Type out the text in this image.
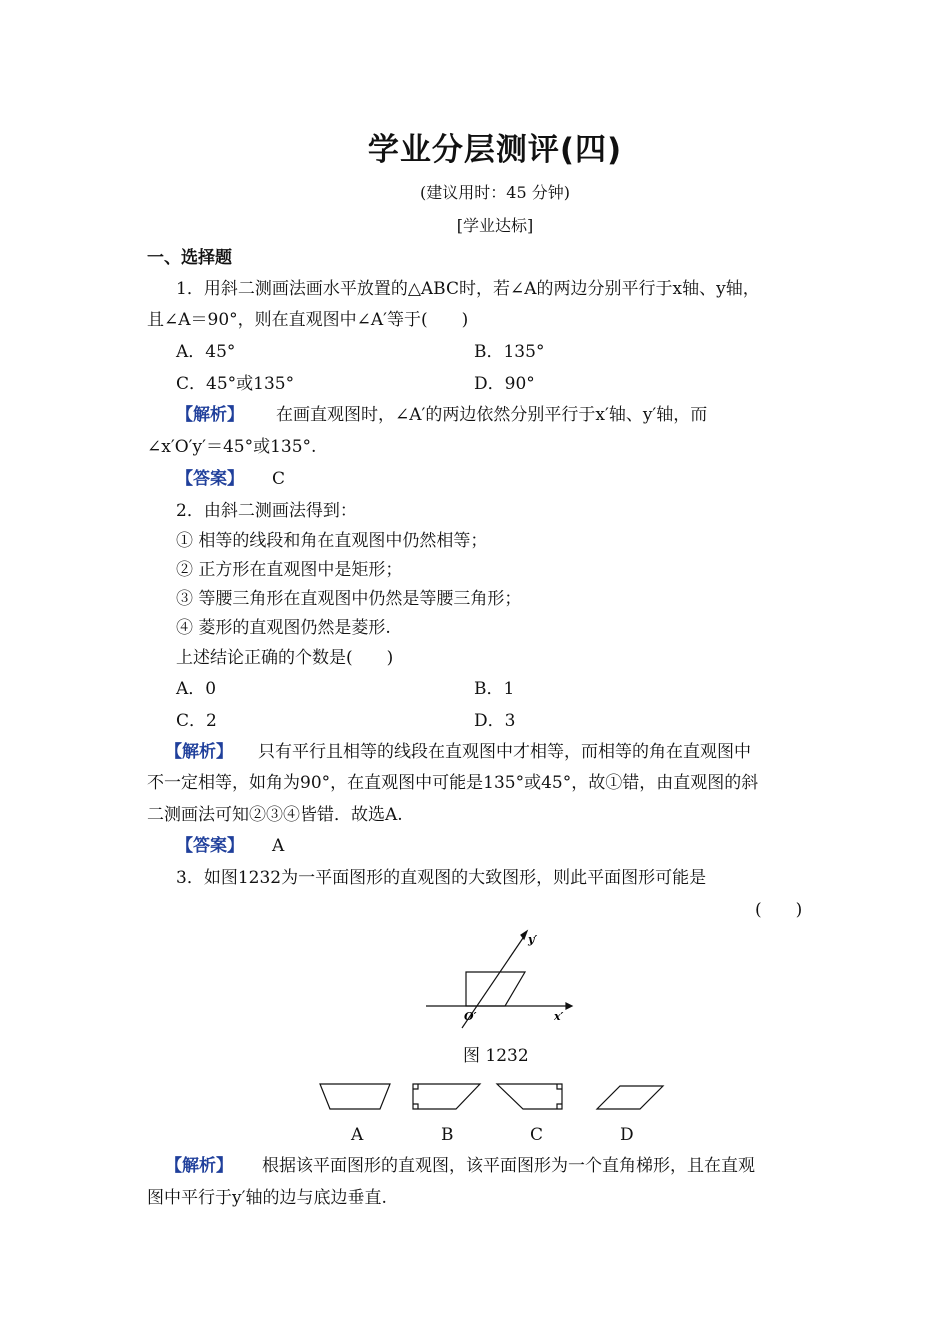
学业分层测评(四)
(建议用时：45 分钟)
[学业达标]
一、选择题
1．用斜二测画法画水平放置的△ABC时，若∠A的两边分别平行于x轴、y轴，
且∠A＝90°，则在直观图中∠A′等于(　　)
A．45°	B．135°
C．45°或135°	D．90°
【解析】 在画直观图时，∠A′的两边依然分别平行于x′轴、y′轴，而
∠x′O′y′＝45°或135°.
【答案】 C
2．由斜二测画法得到：
① 相等的线段和角在直观图中仍然相等；
② 正方形在直观图中是矩形；
③ 等腰三角形在直观图中仍然是等腰三角形；
④ 菱形的直观图仍然是菱形.
上述结论正确的个数是(　　)
A．0	B．1
C．2	D．3
【解析】 只有平行且相等的线段在直观图中才相等，而相等的角在直观图中
不一定相等，如角为90°，在直观图中可能是135°或45°，故①错，由直观图的斜
二测画法可知②③④皆错．故选A.
【答案】 A
3．如图1232为一平面图形的直观图的大致图形，则此平面图形可能是
(　　)
y′
x′
O′
图 1232
A	B	C	D
【解析】 根据该平面图形的直观图，该平面图形为一个直角梯形，且在直观
图中平行于y′轴的边与底边垂直.
